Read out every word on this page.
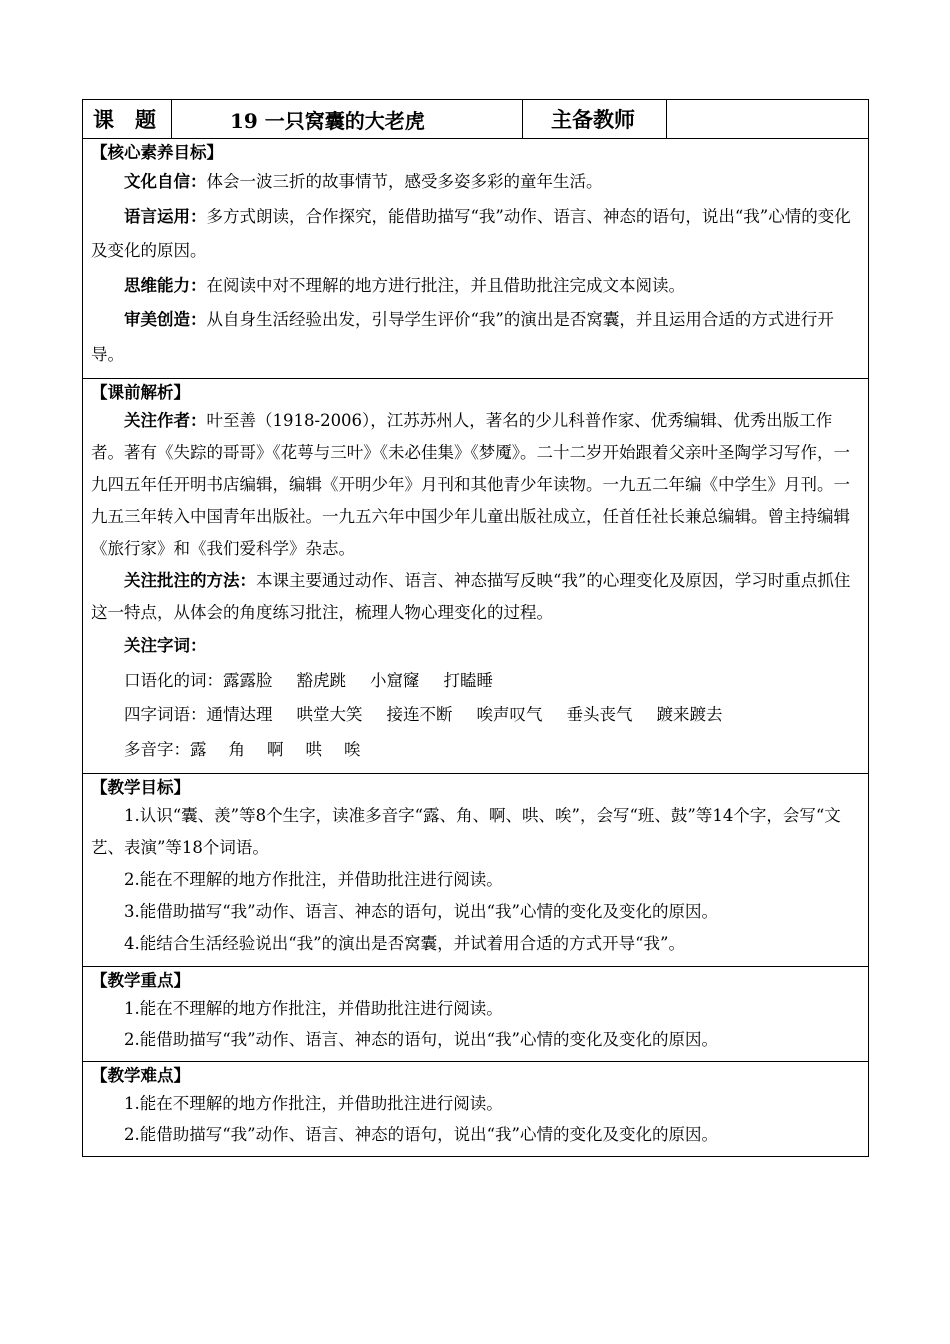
课　题	19 一只窝囊的大老虎	主备教师	

【核心素养目标】

文化自信：体会一波三折的故事情节，感受多姿多彩的童年生活。

语言运用：多方式朗读，合作探究，能借助描写“我”动作、语言、神态的语句，说出“我”心情的变化及变化的原因。

思维能力：在阅读中对不理解的地方进行批注，并且借助批注完成文本阅读。

审美创造：从自身生活经验出发，引导学生评价“我”的演出是否窝囊，并且运用合适的方式进行开导。

【课前解析】

关注作者：叶至善（1918-2006），江苏苏州人，著名的少儿科普作家、优秀编辑、优秀出版工作者。著有《失踪的哥哥》《花萼与三叶》《未必佳集》《梦魇》。二十二岁开始跟着父亲叶圣陶学习写作，一九四五年任开明书店编辑，编辑《开明少年》月刊和其他青少年读物。一九五二年编《中学生》月刊。一九五三年转入中国青年出版社。一九五六年中国少年儿童出版社成立，任首任社长兼总编辑。曾主持编辑《旅行家》和《我们爱科学》杂志。

关注批注的方法：本课主要通过动作、语言、神态描写反映“我”的心理变化及原因，学习时重点抓住这一特点，从体会的角度练习批注，梳理人物心理变化的过程。

关注字词：

口语化的词：露露脸 豁虎跳 小窟窿 打瞌睡

四字词语：通情达理 哄堂大笑 接连不断 唉声叹气 垂头丧气 踱来踱去

多音字：露 角 啊 哄 唉

【教学目标】

1.认识“囊、羡”等8个生字，读准多音字“露、角、啊、哄、唉”，会写“班、鼓”等14个字，会写“文艺、表演”等18个词语。

2.能在不理解的地方作批注，并借助批注进行阅读。

3.能借助描写“我”动作、语言、神态的语句，说出“我”心情的变化及变化的原因。

4.能结合生活经验说出“我”的演出是否窝囊，并试着用合适的方式开导“我”。

【教学重点】

1.能在不理解的地方作批注，并借助批注进行阅读。

2.能借助描写“我”动作、语言、神态的语句，说出“我”心情的变化及变化的原因。

【教学难点】

1.能在不理解的地方作批注，并借助批注进行阅读。

2.能借助描写“我”动作、语言、神态的语句，说出“我”心情的变化及变化的原因。
